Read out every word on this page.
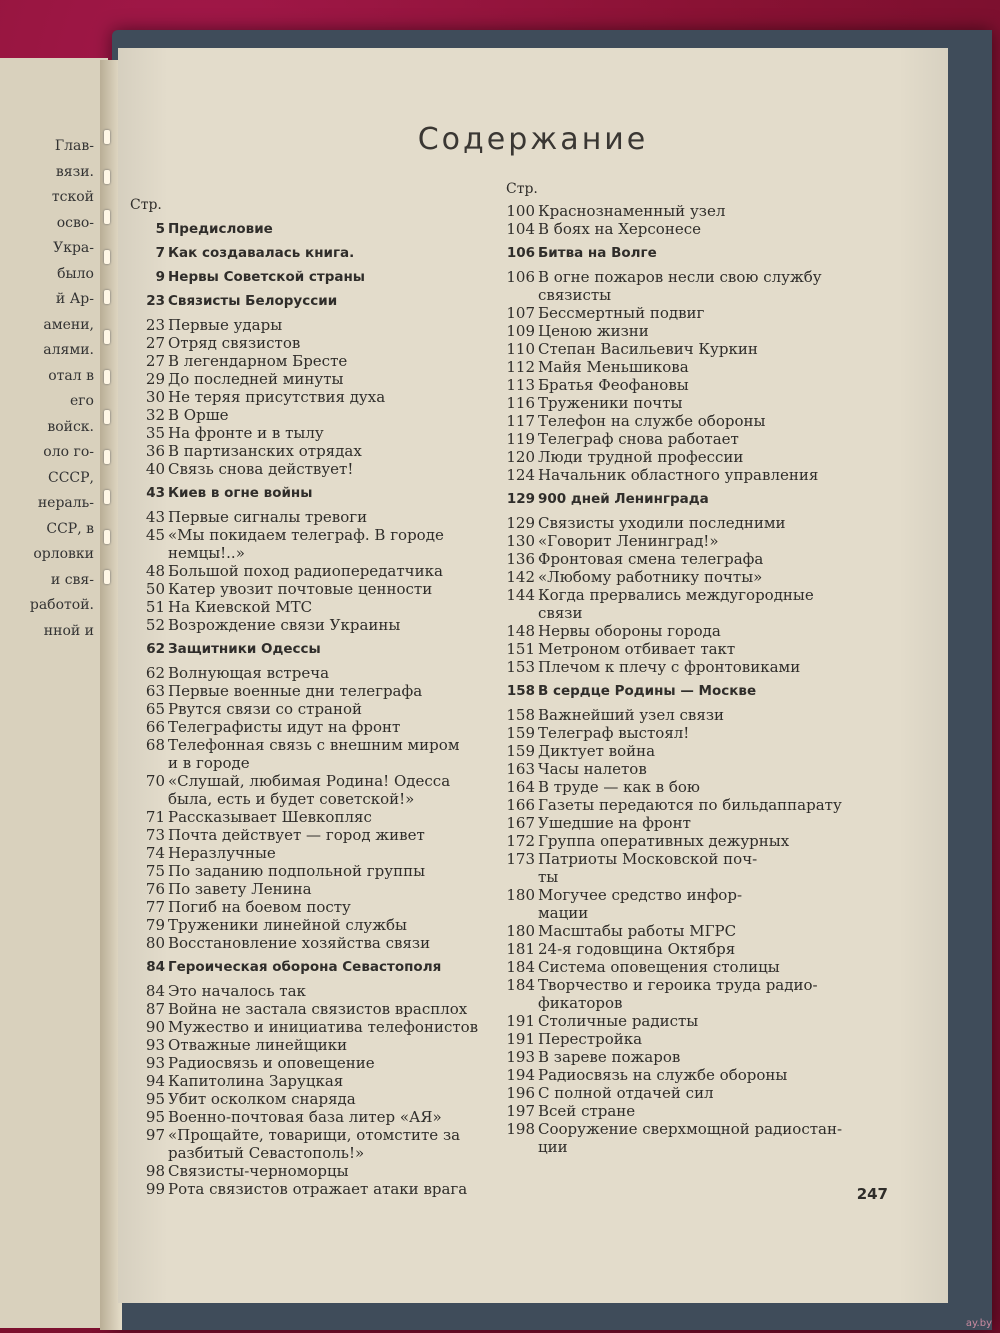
Глав-
вязи.
тской
освo-
Укра-
было
й Ар-
амени,
алями.
отал в
его
войск.
оло го-
СССР,
нераль-
ССР, в
орловки
и свя-
работой.
нной и
Содержание
Стр.
5 Предисловие
7 Как создавалась книга.
9 Нервы Советской страны
23 Связисты Белоруссии
23 Первые удары
27 Отряд связистов
27 В легендарном Бресте
29 До последней минуты
30 Не теряя присутствия духа
32 В Орше
35 На фронте и в тылу
36 В партизанских отрядах
40 Связь снова действует!
43 Киев в огне войны
43 Первые сигналы тревоги
45 «Мы покидаем телеграф. В городе
немцы!..»
48 Большой поход радиопередатчика
50 Катер увозит почтовые ценности
51 На Киевской МТС
52 Возрождение связи Украины
62 Защитники Одессы
62 Волнующая встреча
63 Первые военные дни телеграфа
65 Рвутся связи со страной
66 Телеграфисты идут на фронт
68 Телефонная связь с внешним миром
и в городе
70 «Слушай, любимая Родина! Одесса
была, есть и будет советской!»
71 Рассказывает Шевкопляс
73 Почта действует — город живет
74 Неразлучные
75 По заданию подпольной группы
76 По завету Ленина
77 Погиб на боевом посту
79 Труженики линейной службы
80 Восстановление хозяйства связи
84 Героическая оборона Севастополя
84 Это началось так
87 Война не застала связистов врасплох
90 Мужество и инициатива телефонистов
93 Отважные линейщики
93 Радиосвязь и оповещение
94 Капитолина Заруцкая
95 Убит осколком снаряда
95 Военно-почтовая база литер «АЯ»
97 «Прощайте, товарищи, отомстите за
разбитый Севастополь!»
98 Связисты-черноморцы
99 Рота связистов отражает атаки врага
Стр.
100 Краснознаменный узел
104 В боях на Херсонесе
106 Битва на Волге
106 В огне пожаров несли свою службу
связисты
107 Бессмертный подвиг
109 Ценою жизни
110 Степан Васильевич Куркин
112 Майя Меньшикова
113 Братья Феофановы
116 Труженики почты
117 Телефон на службе обороны
119 Телеграф снова работает
120 Люди трудной профессии
124 Начальник областного управления
129 900 дней Ленинграда
129 Связисты уходили последними
130 «Говорит Ленинград!»
136 Фронтовая смена телеграфа
142 «Любому работнику почты»
144 Когда прервались междугородные
связи
148 Нервы обороны города
151 Метроном отбивает такт
153 Плечом к плечу с фронтовиками
158 В сердце Родины — Москве
158 Важнейший узел связи
159 Телеграф выстоял!
159 Диктует война
163 Часы налетов
164 В труде — как в бою
166 Газеты передаются по бильдаппарату
167 Ушедшие на фронт
172 Группа оперативных дежурных
173 Патриоты Московской поч-
ты
180 Могучее средство инфор-
мации
180 Масштабы работы МГРС
181 24-я годовщина Октября
184 Система оповещения столицы
184 Творчество и героика труда радио-
фикаторов
191 Столичные радисты
191 Перестройка
193 В зареве пожаров
194 Радиосвязь на службе обороны
196 С полной отдачей сил
197 Всей стране
198 Сооружение сверхмощной радиостан-
ции
247
ay.by
